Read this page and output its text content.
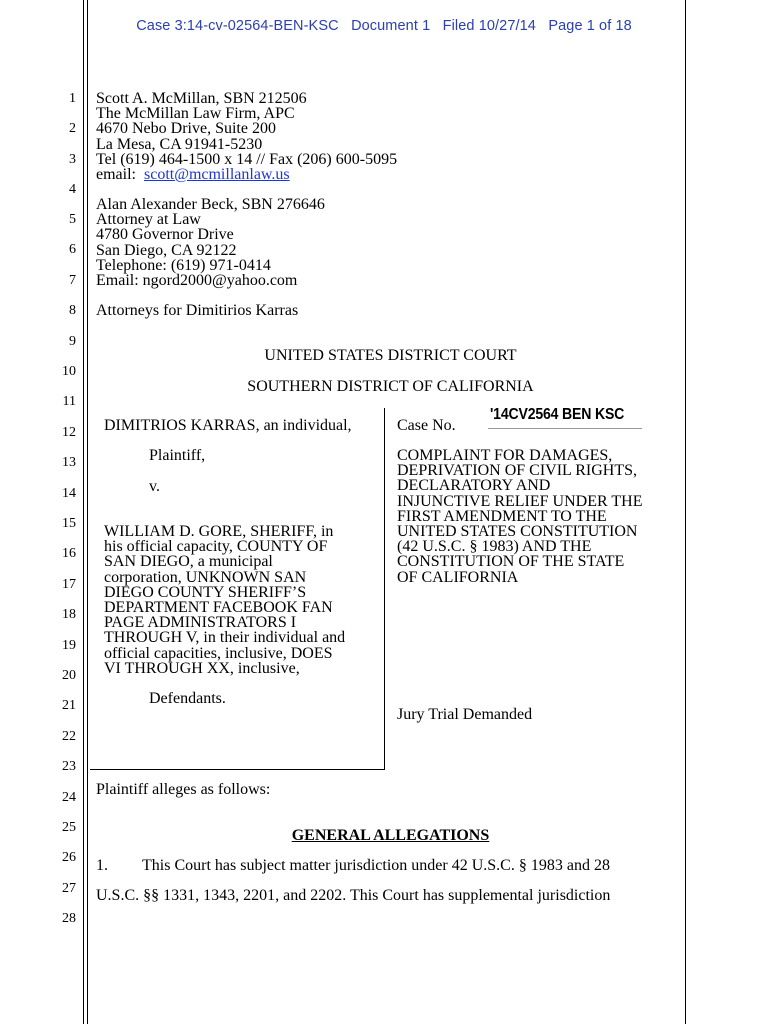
Case 3:14-cv-02564-BEN-KSC Document 1 Filed 10/27/14 Page 1 of 18
1
2
3
4
5
6
7
8
9
10
11
12
13
14
15
16
17
18
19
20
21
22
23
24
25
26
27
28
Scott A. McMillan, SBN 212506
The McMillan Law Firm, APC
4670 Nebo Drive, Suite 200
La Mesa, CA 91941-5230
Tel (619) 464-1500 x 14 // Fax (206) 600-5095
email: scott@mcmillanlaw.us
Alan Alexander Beck, SBN 276646
Attorney at Law
4780 Governor Drive
San Diego, CA 92122
Telephone: (619) 971-0414
Email: ngord2000@yahoo.com
Attorneys for Dimitirios Karras
UNITED STATES DISTRICT COURT
SOUTHERN DISTRICT OF CALIFORNIA
DIMITRIOS KARRAS, an individual,
Plaintiff,
v.
WILLIAM D. GORE, SHERIFF, in
his official capacity, COUNTY OF
SAN DIEGO, a municipal
corporation, UNKNOWN SAN
DIEGO COUNTY SHERIFF’S
DEPARTMENT FACEBOOK FAN
PAGE ADMINISTRATORS I
THROUGH V, in their individual and
official capacities, inclusive, DOES
VI THROUGH XX, inclusive,
Defendants.
Case No.
'14CV2564 BEN KSC
COMPLAINT FOR DAMAGES,
DEPRIVATION OF CIVIL RIGHTS,
DECLARATORY AND
INJUNCTIVE RELIEF UNDER THE
FIRST AMENDMENT TO THE
UNITED STATES CONSTITUTION
(42 U.S.C. § 1983) AND THE
CONSTITUTION OF THE STATE
OF CALIFORNIA
Jury Trial Demanded
Plaintiff alleges as follows:
GENERAL ALLEGATIONS
1. This Court has subject matter jurisdiction under 42 U.S.C. § 1983 and 28
U.S.C. §§ 1331, 1343, 2201, and 2202. This Court has supplemental jurisdiction
